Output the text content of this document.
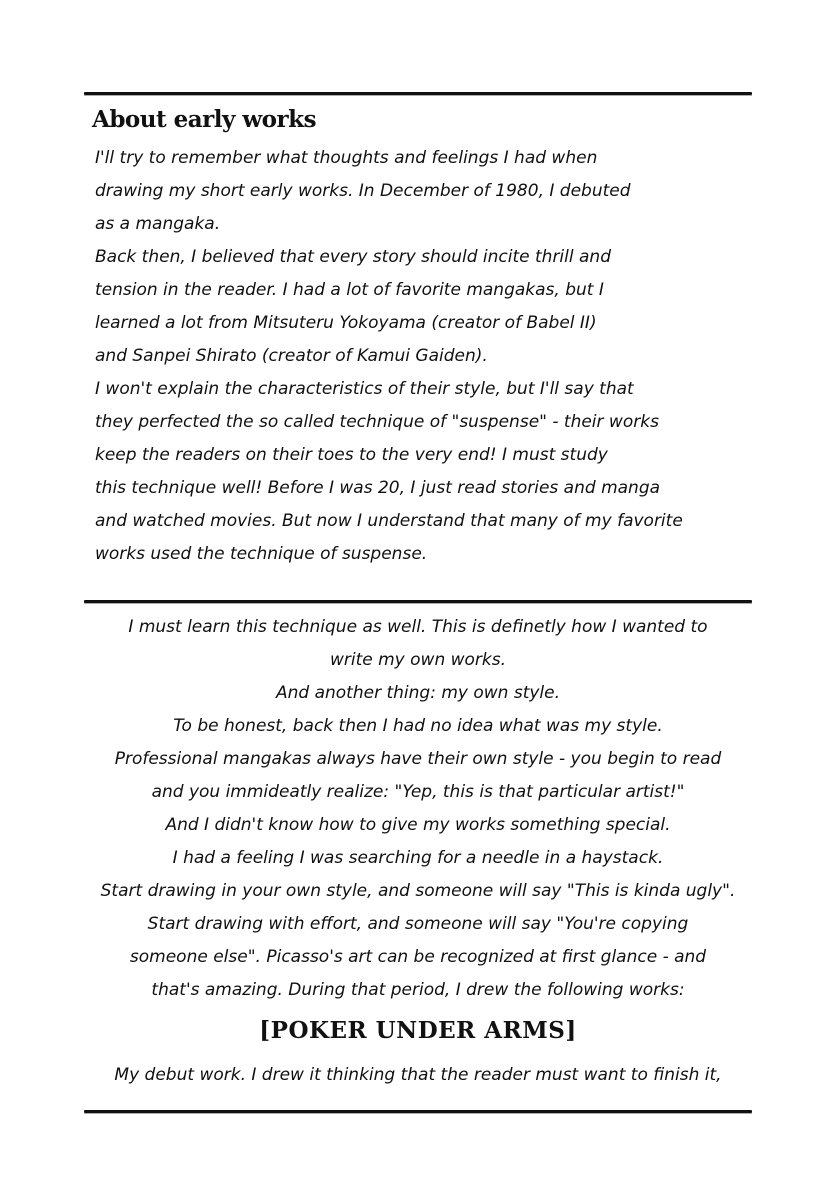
About early works
I'll try to remember what thoughts and feelings I had when
drawing my short early works. In December of 1980, I debuted
as a mangaka.
Back then, I believed that every story should incite thrill and
tension in the reader. I had a lot of favorite mangakas, but I
learned a lot from Mitsuteru Yokoyama (creator of Babel II)
and Sanpei Shirato (creator of Kamui Gaiden).
I won't explain the characteristics of their style, but I'll say that
they perfected the so called technique of "suspense" - their works
keep the readers on their toes to the very end! I must study
this technique well! Before I was 20, I just read stories and manga
and watched movies. But now I understand that many of my favorite
works used the technique of suspense.
I must learn this technique as well. This is definetly how I wanted to
write my own works.
And another thing: my own style.
To be honest, back then I had no idea what was my style.
Professional mangakas always have their own style - you begin to read
and you immideatly realize: "Yep, this is that particular artist!"
And I didn't know how to give my works something special.
I had a feeling I was searching for a needle in a haystack.
Start drawing in your own style, and someone will say "This is kinda ugly".
Start drawing with effort, and someone will say "You're copying
someone else". Picasso's art can be recognized at first glance - and
that's amazing. During that period, I drew the following works:
[POKER UNDER ARMS]

My debut work. I drew it thinking that the reader must want to finish it,
